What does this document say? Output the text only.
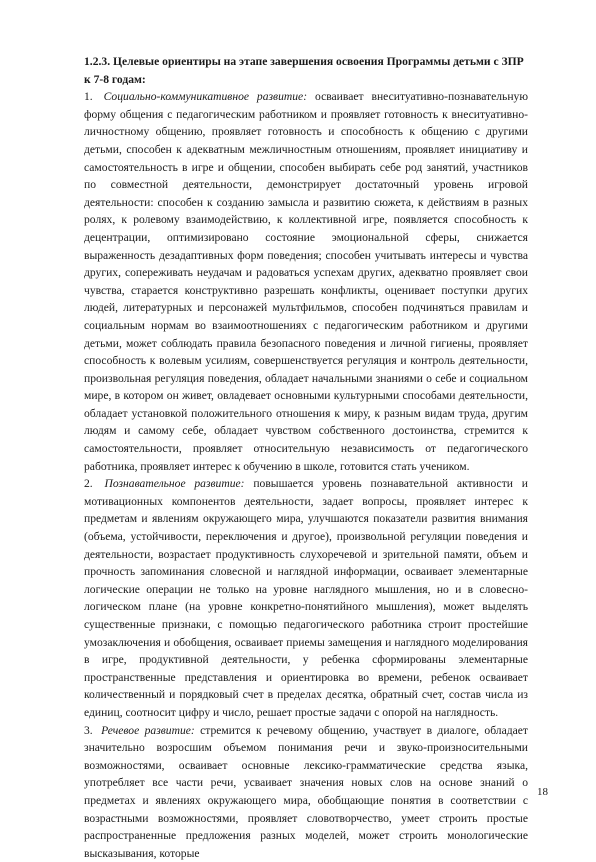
1.2.3. Целевые ориентиры на этапе завершения освоения Программы детьми с ЗПР

к 7-8 годам:

1. Социально-коммуникативное развитие: осваивает внеситуативно-познавательную форму общения с педагогическим работником и проявляет готовность к внеситуативно-личностному общению, проявляет готовность и способность к общению с другими детьми, способен к адекватным межличностным отношениям, проявляет инициативу и самостоятельность в игре и общении, способен выбирать себе род занятий, участников по совместной деятельности, демонстрирует достаточный уровень игровой деятельности: способен к созданию замысла и развитию сюжета, к действиям в разных ролях, к ролевому взаимодействию, к коллективной игре, появляется способность к децентрации, оптимизировано состояние эмоциональной сферы, снижается выраженность дезадаптивных форм поведения; способен учитывать интересы и чувства других, сопереживать неудачам и радоваться успехам других, адекватно проявляет свои чувства, старается конструктивно разрешать конфликты, оценивает поступки других людей, литературных и персонажей мультфильмов, способен подчиняться правилам и социальным нормам во взаимоотношениях с педагогическим работником и другими детьми, может соблюдать правила безопасного поведения и личной гигиены, проявляет способность к волевым усилиям, совершенствуется регуляция и контроль деятельности, произвольная регуляция поведения, обладает начальными знаниями о себе и социальном мире, в котором он живет, овладевает основными культурными способами деятельности, обладает установкой положительного отношения к миру, к разным видам труда, другим людям и самому себе, обладает чувством собственного достоинства, стремится к самостоятельности, проявляет относительную независимость от педагогического работника, проявляет интерес к обучению в школе, готовится стать учеником.

2. Познавательное развитие: повышается уровень познавательной активности и мотивационных компонентов деятельности, задает вопросы, проявляет интерес к предметам и явлениям окружающего мира, улучшаются показатели развития внимания (объема, устойчивости, переключения и другое), произвольной регуляции поведения и деятельности, возрастает продуктивность слухоречевой и зрительной памяти, объем и прочность запоминания словесной и наглядной информации, осваивает элементарные логические операции не только на уровне наглядного мышления, но и в словесно-логическом плане (на уровне конкретно-понятийного мышления), может выделять существенные признаки, с помощью педагогического работника строит простейшие умозаключения и обобщения, осваивает приемы замещения и наглядного моделирования в игре, продуктивной деятельности, у ребенка сформированы элементарные пространственные представления и ориентировка во времени, ребенок осваивает количественный и порядковый счет в пределах десятка, обратный счет, состав числа из единиц, соотносит цифру и число, решает простые задачи с опорой на наглядность.

3. Речевое развитие: стремится к речевому общению, участвует в диалоге, обладает значительно возросшим объемом понимания речи и звуко-произносительными возможностями, осваивает основные лексико-грамматические средства языка, употребляет все части речи, усваивает значения новых слов на основе знаний о предметах и явлениях окружающего мира, обобщающие понятия в соответствии с возрастными возможностями, проявляет словотворчество, умеет строить простые распространенные предложения разных моделей, может строить монологические высказывания, которые

18
